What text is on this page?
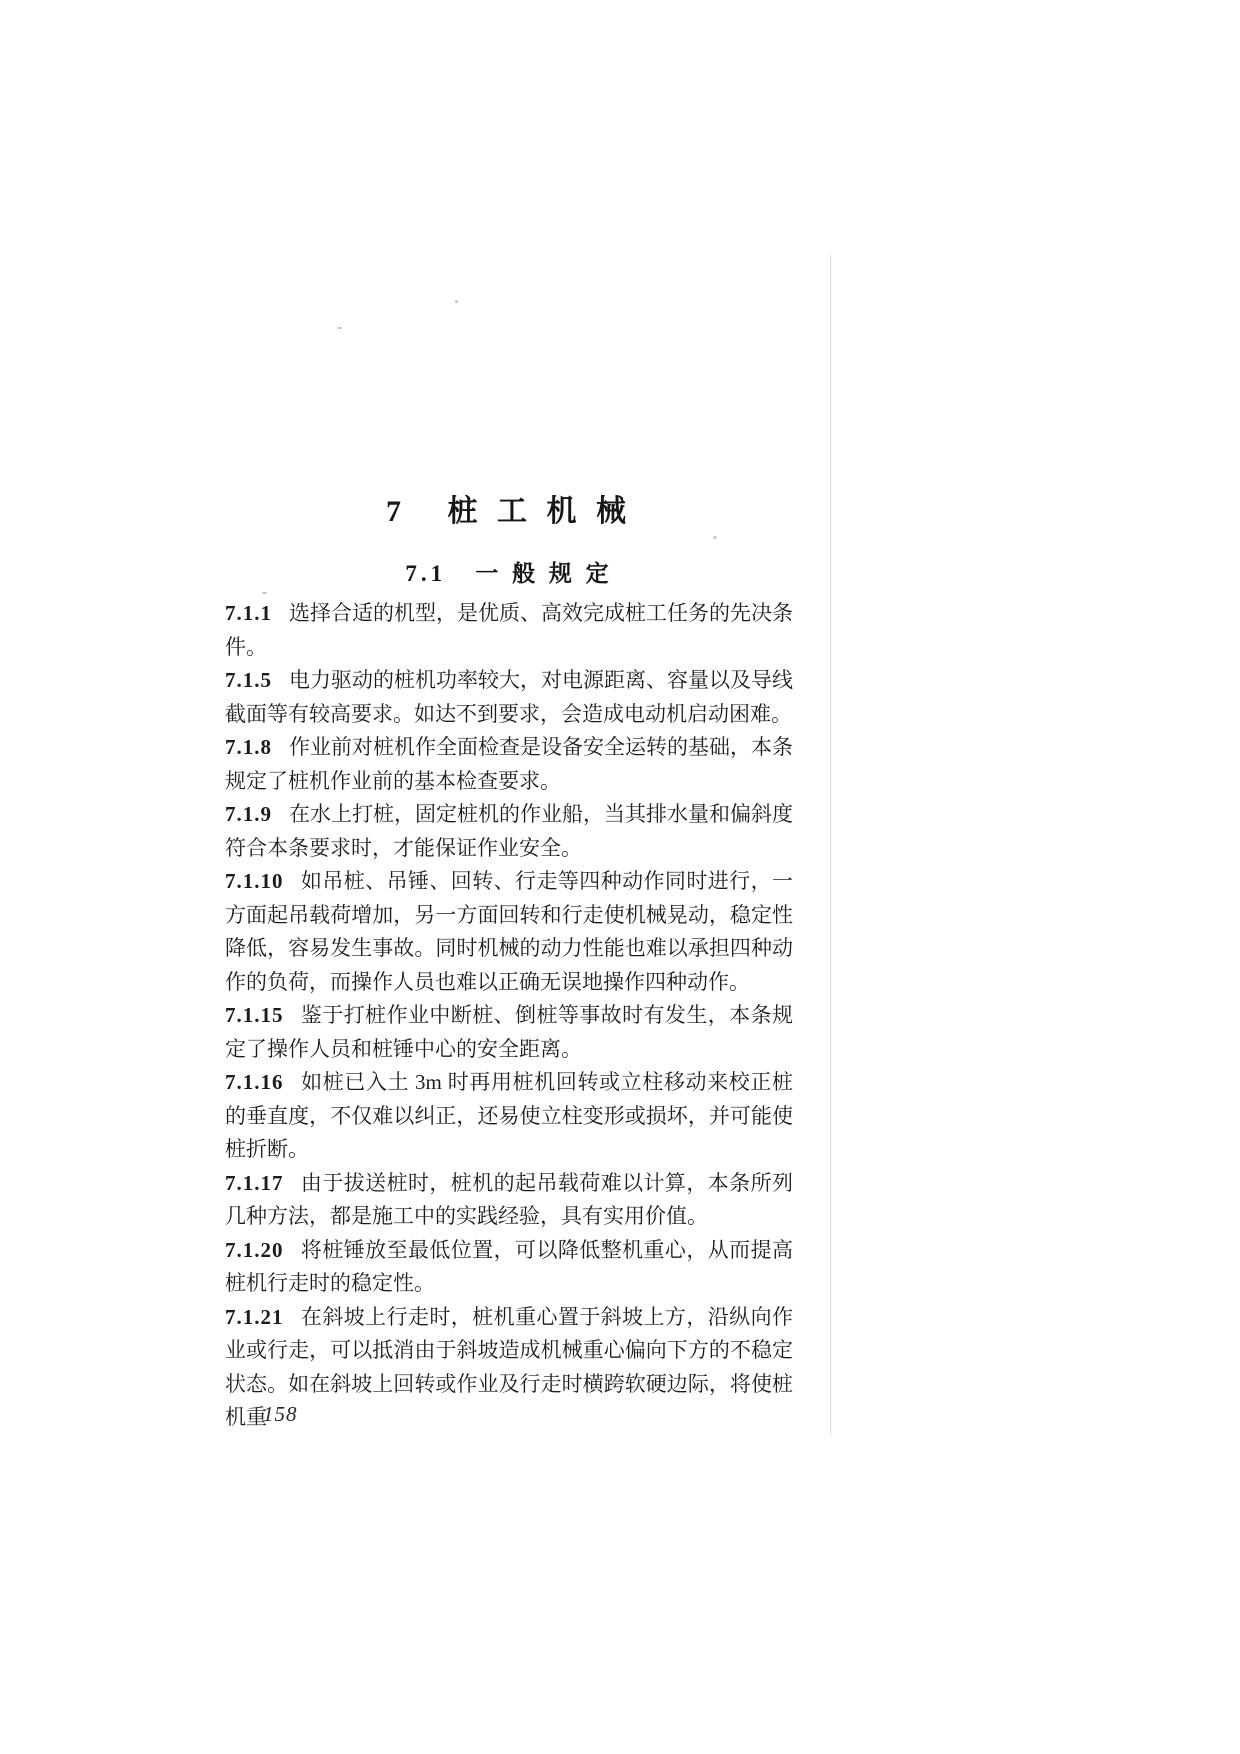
7   桩 工 机 械
7.1   一 般 规 定

7.1.1 选择合适的机型，是优质、高效完成桩工任务的先决条件。

7.1.5 电力驱动的桩机功率较大，对电源距离、容量以及导线截面等有较高要求。如达不到要求，会造成电动机启动困难。

7.1.8 作业前对桩机作全面检查是设备安全运转的基础，本条规定了桩机作业前的基本检查要求。

7.1.9 在水上打桩，固定桩机的作业船，当其排水量和偏斜度符合本条要求时，才能保证作业安全。

7.1.10 如吊桩、吊锤、回转、行走等四种动作同时进行，一方面起吊载荷增加，另一方面回转和行走使机械晃动，稳定性降低，容易发生事故。同时机械的动力性能也难以承担四种动作的负荷，而操作人员也难以正确无误地操作四种动作。

7.1.15 鉴于打桩作业中断桩、倒桩等事故时有发生，本条规定了操作人员和桩锤中心的安全距离。

7.1.16 如桩已入土 3m 时再用桩机回转或立柱移动来校正桩的垂直度，不仅难以纠正，还易使立柱变形或损坏，并可能使桩折断。

7.1.17 由于拔送桩时，桩机的起吊载荷难以计算，本条所列几种方法，都是施工中的实践经验，具有实用价值。

7.1.20 将桩锤放至最低位置，可以降低整机重心，从而提高桩机行走时的稳定性。

7.1.21 在斜坡上行走时，桩机重心置于斜坡上方，沿纵向作业或行走，可以抵消由于斜坡造成机械重心偏向下方的不稳定状态。如在斜坡上回转或作业及行走时横跨软硬边际，将使桩机重

158
